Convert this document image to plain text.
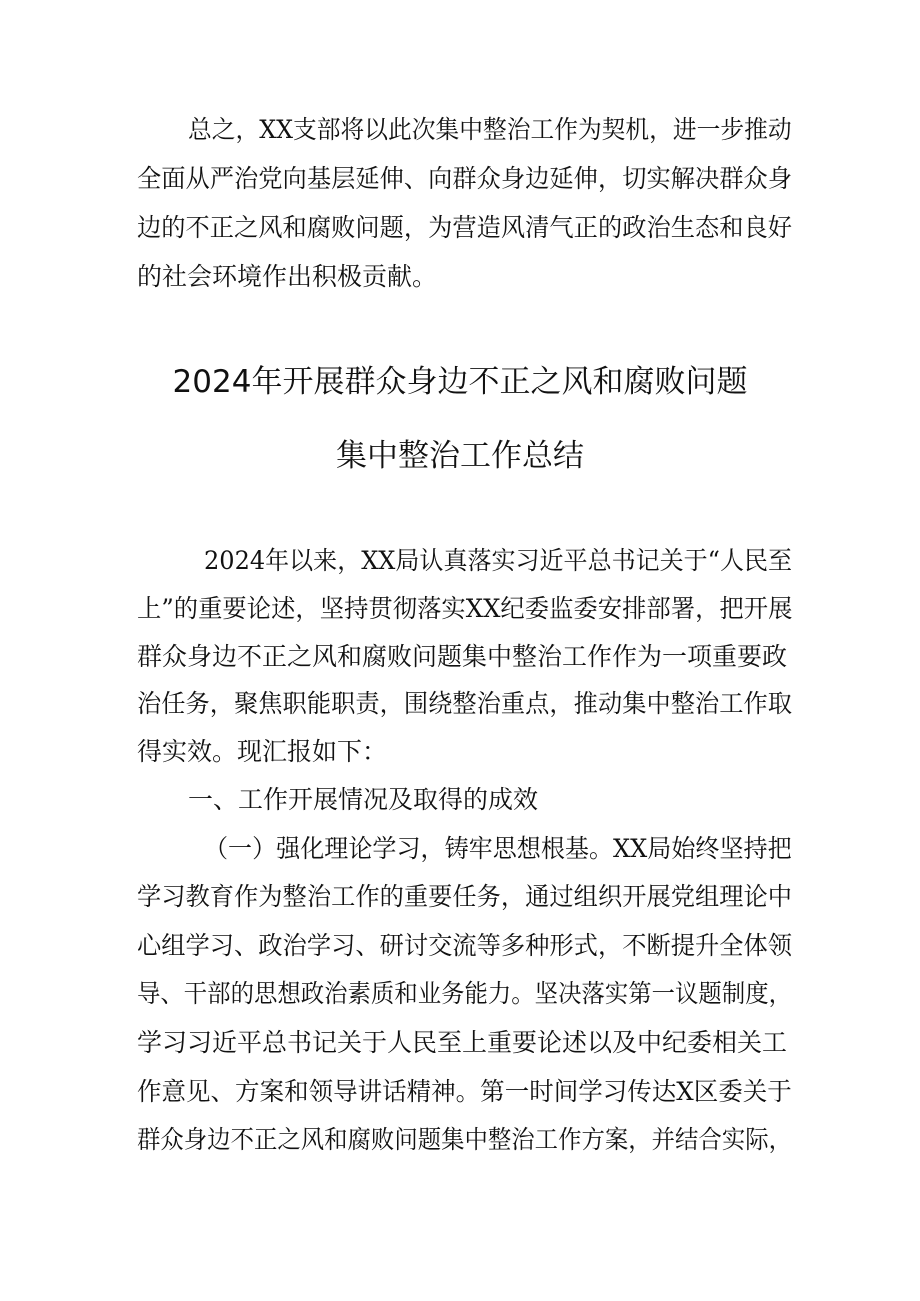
总之，XX支部将以此次集中整治工作为契机，进一步推动
全面从严治党向基层延伸、向群众身边延伸，切实解决群众身
边的不正之风和腐败问题，为营造风清气正的政治生态和良好
的社会环境作出积极贡献。
2024年开展群众身边不正之风和腐败问题
集中整治工作总结
2024年以来，XX局认真落实习近平总书记关于“人民至
上”的重要论述，坚持贯彻落实XX纪委监委安排部署，把开展
群众身边不正之风和腐败问题集中整治工作作为一项重要政
治任务，聚焦职能职责，围绕整治重点，推动集中整治工作取
得实效。现汇报如下：
一、工作开展情况及取得的成效
（一）强化理论学习，铸牢思想根基。XX局始终坚持把
学习教育作为整治工作的重要任务，通过组织开展党组理论中
心组学习、政治学习、研讨交流等多种形式，不断提升全体领
导、干部的思想政治素质和业务能力。坚决落实第一议题制度，
学习习近平总书记关于人民至上重要论述以及中纪委相关工
作意见、方案和领导讲话精神。第一时间学习传达X区委关于
群众身边不正之风和腐败问题集中整治工作方案，并结合实际，
